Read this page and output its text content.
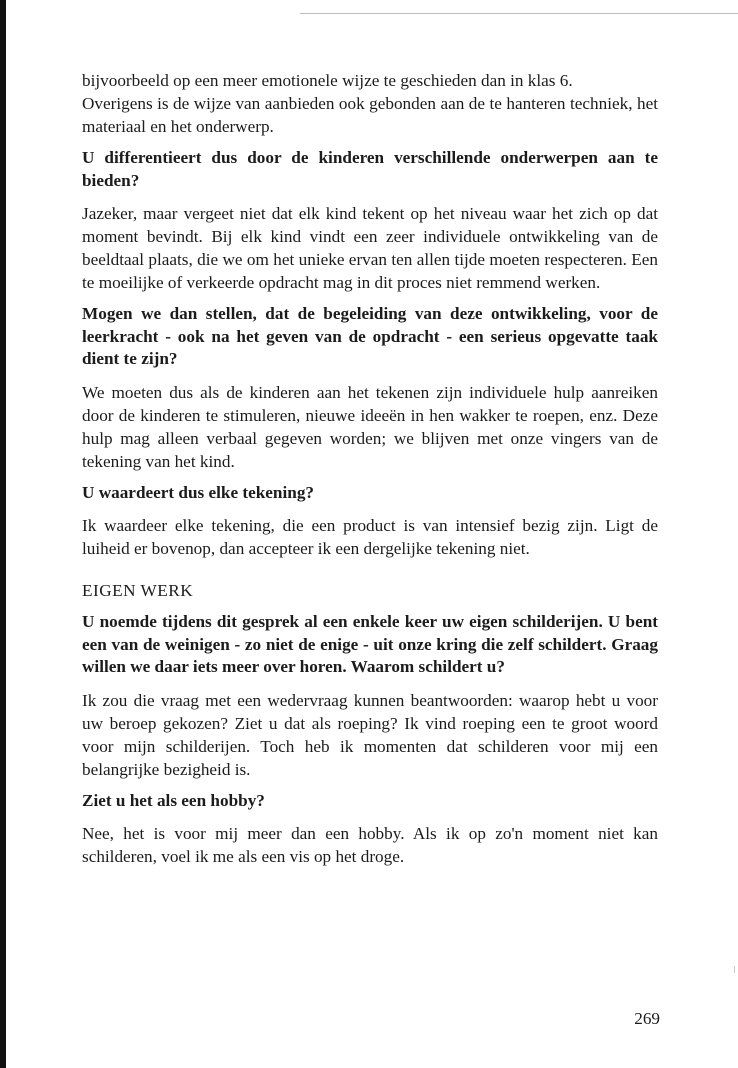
bijvoorbeeld op een meer emotionele wijze te geschieden dan in klas 6.

Overigens is de wijze van aanbieden ook gebonden aan de te hanteren techniek, het materiaal en het onderwerp.

U differentieert dus door de kinderen verschillende onderwerpen aan te bieden?

Jazeker, maar vergeet niet dat elk kind tekent op het niveau waar het zich op dat moment bevindt. Bij elk kind vindt een zeer individuele ontwikkeling van de beeldtaal plaats, die we om het unieke ervan ten allen tijde moeten respecteren. Een te moeilijke of verkeerde opdracht mag in dit proces niet remmend werken.

Mogen we dan stellen, dat de begeleiding van deze ontwikkeling, voor de leerkracht - ook na het geven van de opdracht - een serieus opgevatte taak dient te zijn?

We moeten dus als de kinderen aan het tekenen zijn individuele hulp aanreiken door de kinderen te stimuleren, nieuwe ideeën in hen wakker te roepen, enz. Deze hulp mag alleen verbaal gegeven worden; we blijven met onze vingers van de tekening van het kind.

U waardeert dus elke tekening?

Ik waardeer elke tekening, die een product is van intensief bezig zijn. Ligt de luiheid er bovenop, dan accepteer ik een dergelijke tekening niet.

EIGEN WERK

U noemde tijdens dit gesprek al een enkele keer uw eigen schilderijen. U bent een van de weinigen - zo niet de enige - uit onze kring die zelf schildert. Graag willen we daar iets meer over horen. Waarom schildert u?

Ik zou die vraag met een wedervraag kunnen beantwoorden: waarop hebt u voor uw beroep gekozen? Ziet u dat als roeping? Ik vind roeping een te groot woord voor mijn schilderijen. Toch heb ik momenten dat schilderen voor mij een belangrijke bezigheid is.

Ziet u het als een hobby?

Nee, het is voor mij meer dan een hobby. Als ik op zo'n moment niet kan schilderen, voel ik me als een vis op het droge.

269
